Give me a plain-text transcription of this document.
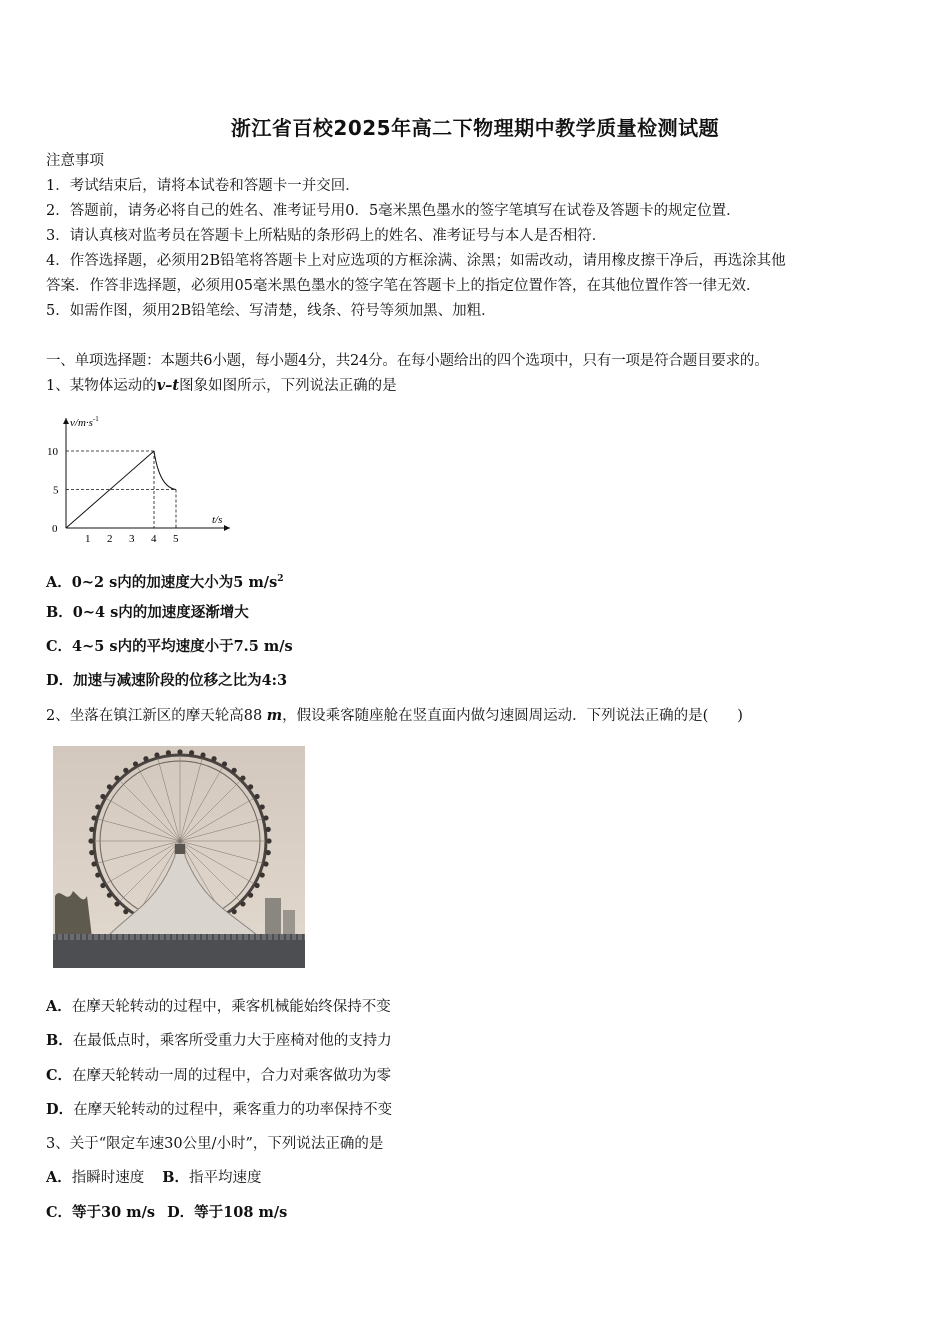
浙江省百校2025年高二下物理期中教学质量检测试题
注意事项
1．考试结束后，请将本试卷和答题卡一并交回．
2．答题前，请务必将自己的姓名、准考证号用0．5毫米黑色墨水的签字笔填写在试卷及答题卡的规定位置．
3．请认真核对监考员在答题卡上所粘贴的条形码上的姓名、准考证号与本人是否相符．
4．作答选择题，必须用2B铅笔将答题卡上对应选项的方框涂满、涂黑；如需改动，请用橡皮擦干净后，再选涂其他
答案．作答非选择题，必须用05毫米黑色墨水的签字笔在答题卡上的指定位置作答，在其他位置作答一律无效．
5．如需作图，须用2B铅笔绘、写清楚，线条、符号等须加黑、加粗．
一、单项选择题：本题共6小题，每小题4分，共24分。在每小题给出的四个选项中，只有一项是符合题目要求的。
1、某物体运动的v–t图象如图所示，下列说法正确的是
1 2 3 4 5
5
10
$v/m\cdot s^{-1}$
t/s
0
A．0~2 s内的加速度大小为5 $m/s^2$
B．0~4 s内的加速度逐渐增大
C．4~5 s内的平均速度小于7.5 m/s
D．加速与减速阶段的位移之比为4:3
2、坐落在镇江新区的摩天轮高88 m，假设乘客随座舱在竖直面内做匀速圆周运动．下列说法正确的是(　　)
A．在摩天轮转动的过程中，乘客机械能始终保持不变
B．在最低点时，乘客所受重力大于座椅对他的支持力
C．在摩天轮转动一周的过程中，合力对乘客做功为零
D．在摩天轮转动的过程中，乘客重力的功率保持不变
3、关于“限定车速30公里/小时”，下列说法正确的是
A．指瞬时速度 B．指平均速度
C．等于30 m/s D．等于108 m/s
